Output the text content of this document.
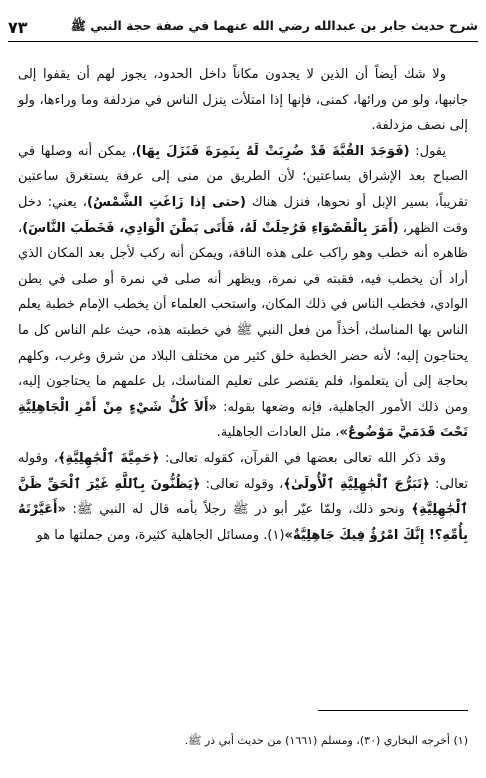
شرح حديث جابر بن عبدالله رضي الله عنهما في صفة حجة النبي ﷺ
٧٣

ولا شك أيضاً أن الذين لا يجدون مكاناً داخل الحدود، يجوز لهم أن يقفوا إلى جانبها، ولو من ورائها، كمنى، فإنها إذا امتلأت ينزل الناس في مزدلفة وما وراءها، ولو إلى نصف مزدلفة.

يقول: (فَوَجَدَ القُبَّةَ قَدْ ضُرِبَتْ لَهُ بِنَمِرَةَ فَنَزَلَ بِهَا)، يمكن أنه وصلها في الصباح بعد الإشراق بساعتين؛ لأن الطريق من منى إلى عرفة يستغرق ساعتين تقريباً، بسير الإبل أو نحوها، فنزل هناك (حتى إذا زَاغَتِ الشَّمْسُ)، يعني: دخل وقت الظهر، (أَمَرَ بِالْقَصْوَاءِ فَرُحِلَتْ لَهُ، فَأَتَى بَطْنَ الْوَادِي، فَخَطَبَ النَّاسَ)، ظاهره أنه خطب وهو راكب على هذه الناقة، ويمكن أنه ركب لأجل بعد المكان الذي أراد أن يخطب فيه، فقبته في نمرة، ويظهر أنه صلى في نمرة أو صلى في بطن الوادي، فخطب الناس في ذلك المكان، واستحب العلماء أن يخطب الإمام خطبة يعلم الناس بها المناسك، أخذاً من فعل النبي ﷺ في خطبته هذه، حيث علم الناس كل ما يحتاجون إليه؛ لأنه حضر الخطبة خلق كثير من مختلف البلاد من شرق وغرب، وكلهم بحاجة إلى أن يتعلموا، فلم يقتصر على تعليم المناسك، بل علمهم ما يحتاجون إليه، ومن ذلك الأمور الجاهلية، فإنه وضعها بقوله: «أَلاَ كُلُّ شَيْءٍ مِنْ أَمْرِ الْجَاهِلِيَّةِ تَحْتَ قَدَمَيَّ مَوْضُوعٌ»، مثل العادات الجاهلية.

وقد ذكر الله تعالى بعضها في القرآن، كقوله تعالى: ﴿حَمِيَّةَ ٱلْجَٰهِلِيَّةِ﴾، وقوله تعالى: ﴿تَبَرُّجَ ٱلْجَٰهِلِيَّةِ ٱلْأُولَىٰ﴾، وقوله تعالى: ﴿يَظُنُّونَ بِٱللَّهِ غَيْرَ ٱلْحَقِّ ظَنَّ ٱلْجَٰهِلِيَّةِ﴾ ونحو ذلك، ولمّا عيّر أبو ذر ﷺ رجلاً بأمه قال له النبي ﷺ: «أَعَيَّرْتَهُ بِأُمِّهِ؟! إِنَّكَ امْرُؤٌ فِيكَ جَاهِلِيَّةٌ»(١). ومسائل الجاهلية كثيرة، ومن جملتها ما هو

(١) أخرجه البخاري (٣٠)، ومسلم (١٦٦١) من حديث أبي ذر ﷺ.
